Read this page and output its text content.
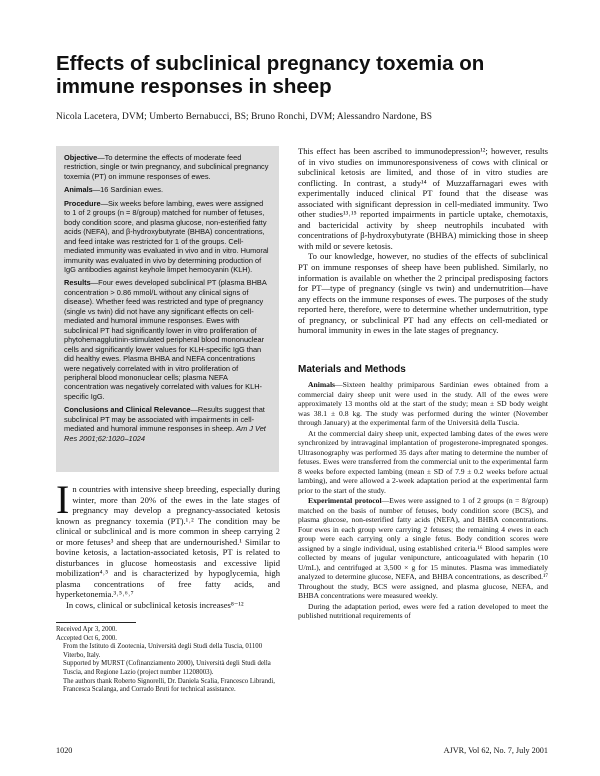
Effects of subclinical pregnancy toxemia on immune responses in sheep
Nicola Lacetera, DVM; Umberto Bernabucci, BS; Bruno Ronchi, DVM; Alessandro Nardone, BS

Objective—To determine the effects of moderate feed restriction, single or twin pregnancy, and subclinical pregnancy toxemia (PT) on immune responses of ewes.

Animals—16 Sardinian ewes.

Procedure—Six weeks before lambing, ewes were assigned to 1 of 2 groups (n = 8/group) matched for number of fetuses, body condition score, and plasma glucose, non-esterified fatty acids (NEFA), and β-hydroxybutyrate (BHBA) concentrations, and feed intake was restricted for 1 of the groups. Cell-mediated immunity was evaluated in vivo and in vitro. Humoral immunity was evaluated in vivo by determining production of IgG antibodies against keyhole limpet hemocyanin (KLH).

Results—Four ewes developed subclinical PT (plasma BHBA concentration > 0.86 mmol/L without any clinical signs of disease). Whether feed was restricted and type of pregnancy (single vs twin) did not have any significant effects on cell-mediated and humoral immune responses. Ewes with subclinical PT had significantly lower in vitro proliferation of phytohemagglutinin-stimulated peripheral blood mononuclear cells and significantly lower values for KLH-specific IgG than did healthy ewes. Plasma BHBA and NEFA concentrations were negatively correlated with in vitro proliferation of peripheral blood mononuclear cells; plasma NEFA concentration was negatively correlated with values for KLH-specific IgG.

Conclusions and Clinical Relevance—Results suggest that subclinical PT may be associated with impairments in cell-mediated and humoral immune responses in sheep. Am J Vet Res 2001;62:1020–1024

In countries with intensive sheep breeding, especially during winter, more than 20% of the ewes in the late stages of pregnancy may develop a pregnancy-associated ketosis known as pregnancy toxemia (PT).¹˒² The condition may be clinical or subclinical and is more common in sheep carrying 2 or more fetuses³ and sheep that are undernourished.¹ Similar to bovine ketosis, a lactation-associated ketosis, PT is related to disturbances in glucose homeostasis and excessive lipid mobilization⁴˒⁵ and is characterized by hypoglycemia, high plasma concentrations of free fatty acids, and hyperketonemia.³˒⁵˒⁶˒⁷

In cows, clinical or subclinical ketosis increases⁸⁻¹²

Received Apr 3, 2000.

Accepted Oct 6, 2000.

From the Istituto di Zootecnia, Università degli Studi della Tuscia, 01100 Viterbo, Italy.

Supported by MURST (Cofinanziamento 2000), Università degli Studi della Tuscia, and Regione Lazio (project number 11208003).

The authors thank Roberto Signorelli, Dr. Daniela Scalia, Francesco Librandi, Francesca Scalanga, and Corrado Bruti for technical assistance.

This effect has been ascribed to immunodepression¹²; however, results of in vivo studies on immunoresponsiveness of cows with clinical or subclinical ketosis are limited, and those of in vitro studies are conflicting. In contrast, a study¹⁴ of Muzzaffarnagari ewes with experimentally induced clinical PT found that the disease was associated with significant depression in cell-mediated immunity. Two other studies¹³˒¹⁵ reported impairments in particle uptake, chemotaxis, and bactericidal activity by sheep neutrophils incubated with concentrations of β-hydroxybutyrate (BHBA) mimicking those in sheep with mild or severe ketosis.

To our knowledge, however, no studies of the effects of subclinical PT on immune responses of sheep have been published. Similarly, no information is available on whether the 2 principal predisposing factors for PT—type of pregnancy (single vs twin) and undernutrition—have any effects on the immune responses of ewes. The purposes of the study reported here, therefore, were to determine whether undernutrition, type of pregnancy, or subclinical PT had any effects on cell-mediated or humoral immunity in ewes in the late stages of pregnancy.

Materials and Methods

Animals—Sixteen healthy primiparous Sardinian ewes obtained from a commercial dairy sheep unit were used in the study. All of the ewes were approximately 13 months old at the start of the study; mean ± SD body weight was 38.1 ± 0.8 kg. The study was performed during the winter (November through January) at the experimental farm of the Università della Tuscia.

At the commercial dairy sheep unit, expected lambing dates of the ewes were synchronized by intravaginal implantation of progesterone-impregnated sponges. Ultrasonography was performed 35 days after mating to determine the number of fetuses. Ewes were transferred from the commercial unit to the experimental farm 8 weeks before expected lambing (mean ± SD of 7.9 ± 0.2 weeks before actual lambing), and were allowed a 2-week adaptation period at the experimental farm prior to the start of the study.

Experimental protocol—Ewes were assigned to 1 of 2 groups (n = 8/group) matched on the basis of number of fetuses, body condition score (BCS), and plasma glucose, non-esterified fatty acids (NEFA), and BHBA concentrations. Four ewes in each group were carrying 2 fetuses; the remaining 4 ewes in each group were each carrying only a single fetus. Body condition scores were assigned by a single individual, using established criteria.¹⁶ Blood samples were collected by means of jugular venipuncture, anticoagulated with heparin (10 U/mL), and centrifuged at 3,500 × g for 15 minutes. Plasma was immediately analyzed to determine glucose, NEFA, and BHBA concentrations, as described.¹⁷ Throughout the study, BCS were assigned, and plasma glucose, NEFA, and BHBA concentrations were measured weekly.

During the adaptation period, ewes were fed a ration developed to meet the published nutritional requirements of

1020	AJVR, Vol 62, No. 7, July 2001
